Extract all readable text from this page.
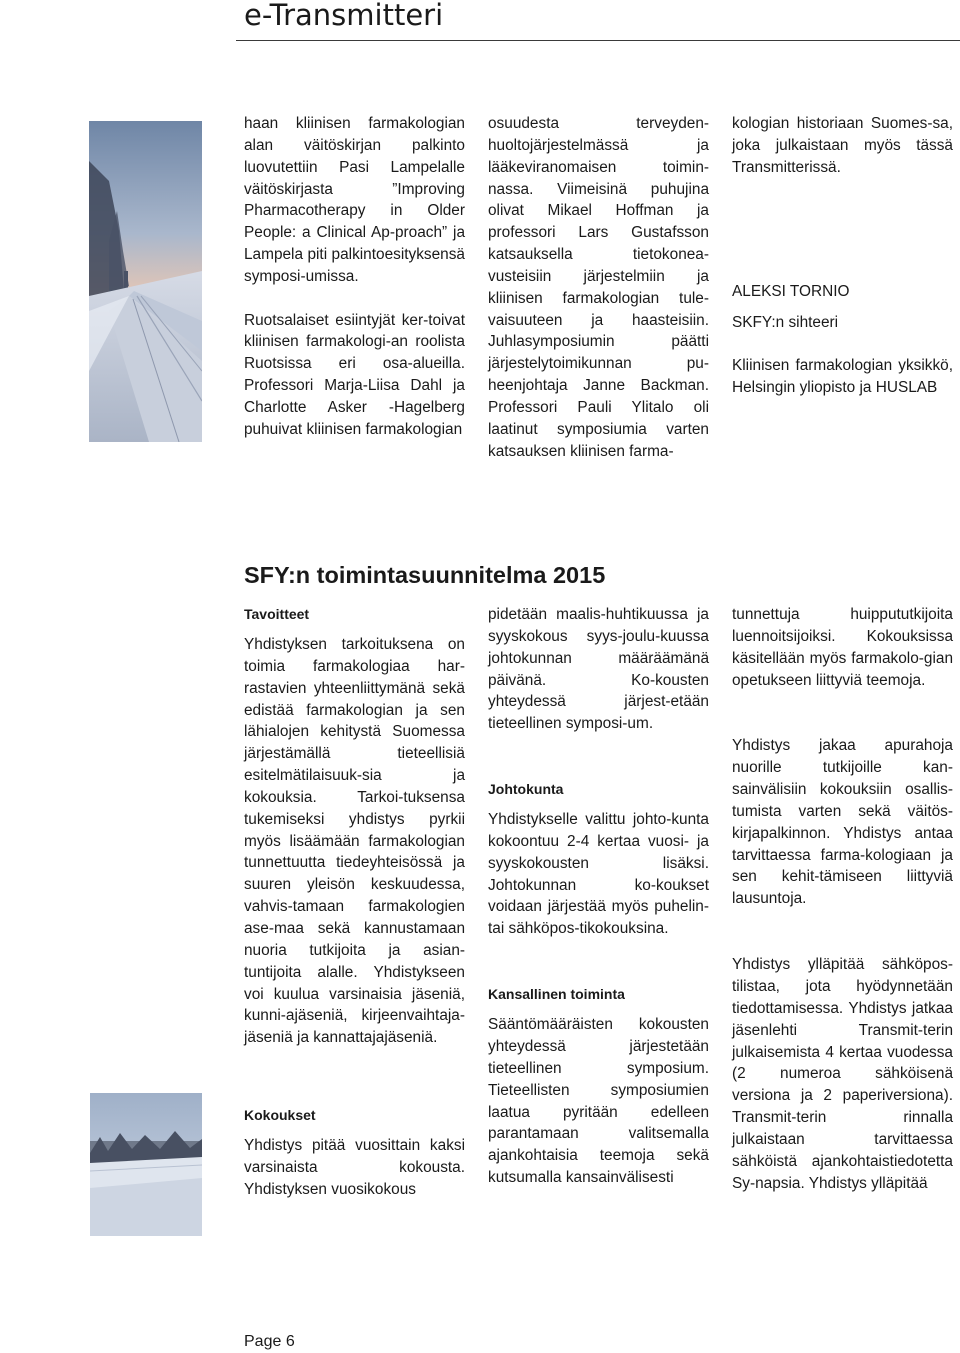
e-Transmitteri

haan kliinisen farmakologian alan väitöskirjan palkinto luovutettiin Pasi Lampelalle väitöskirjasta ”Improving Pharmacotherapy in Older People: a Clinical Ap-proach” ja Lampela piti palkintoesityksensä symposi-umissa.

Ruotsalaiset esiintyjät ker-toivat kliinisen farmakologi-an roolista Ruotsissa eri osa-alueilla. Professori Marja-Liisa Dahl ja Charlotte Asker -Hagelberg puhuivat kliinisen farmakologian

osuudesta terveyden-huoltojärjestelmässä ja lääkeviranomaisen toimin-nassa. Viimeisinä puhujina olivat Mikael Hoffman ja professori Lars Gustafsson katsauksella tietokonea-vusteisiin järjestelmiin ja kliinisen farmakologian tule-vaisuuteen ja haasteisiin. Juhlasymposiumin päätti järjestelytoimikunnan pu-heenjohtaja Janne Backman. Professori Pauli Ylitalo oli laatinut symposiumia varten katsauksen kliinisen farma-

kologian historiaan Suomes-sa, joka julkaistaan myös tässä Transmitterissä.

ALEKSI TORNIO

SKFY:n sihteeri

Kliinisen farmakologian yksikkö, Helsingin yliopisto ja HUSLAB

SFY:n toimintasuunnitelma 2015
Tavoitteet

Yhdistyksen tarkoituksena on toimia farmakologiaa har-rastavien yhteenliittymänä sekä edistää farmakologian ja sen lähialojen kehitystä Suomessa järjestämällä tieteellisiä esitelmätilaisuuk-sia ja kokouksia. Tarkoi-tuksensa tukemiseksi yhdistys pyrkii myös lisäämään farmakologian tunnettuutta tiedeyhteisössä ja suuren yleisön keskuudessa, vahvis-tamaan farmakologien ase-maa sekä kannustamaan nuoria tutkijoita ja asian-tuntijoita alalle. Yhdistykseen voi kuulua varsinaisia jäseniä, kunni-ajäseniä, kirjeenvaihtaja-jäseniä ja kannattajajäseniä.

Kokoukset

Yhdistys pitää vuosittain kaksi varsinaista kokousta. Yhdistyksen vuosikokous

pidetään maalis-huhtikuussa ja syyskokous syys-joulu-kuussa johtokunnan määräämänä päivänä. Ko-kousten yhteydessä järjest-etään tieteellinen symposi-um.

Johtokunta

Yhdistykselle valittu johto-kunta kokoontuu 2-4 kertaa vuosi- ja syyskokousten lisäksi. Johtokunnan ko-koukset voidaan järjestää myös puhelin- tai sähköpos-tikokouksina.

Kansallinen toiminta

Sääntömääräisten kokousten yhteydessä järjestetään tieteellinen symposium. Tieteellisten symposiumien laatua pyritään edelleen parantamaan valitsemalla ajankohtaisia teemoja sekä kutsumalla kansainvälisesti

tunnettuja huippututkijoita luennoitsijoiksi. Kokouksissa käsitellään myös farmakolo-gian opetukseen liittyviä teemoja.

Yhdistys jakaa apurahoja nuorille tutkijoille kan-sainvälisiin kokouksiin osallis-tumista varten sekä väitös-kirjapalkinnon. Yhdistys antaa tarvittaessa farma-kologiaan ja sen kehit-tämiseen liittyviä lausuntoja.

Yhdistys ylläpitää sähköpos-tilistaa, jota hyödynnetään tiedottamisessa. Yhdistys jatkaa jäsenlehti Transmit-terin julkaisemista 4 kertaa vuodessa (2 numeroa sähköisenä versiona ja 2 paperiversiona). Transmit-terin rinnalla julkaistaan tarvittaessa sähköistä ajankohtaistiedotetta Sy-napsia. Yhdistys ylläpitää

Page 6
